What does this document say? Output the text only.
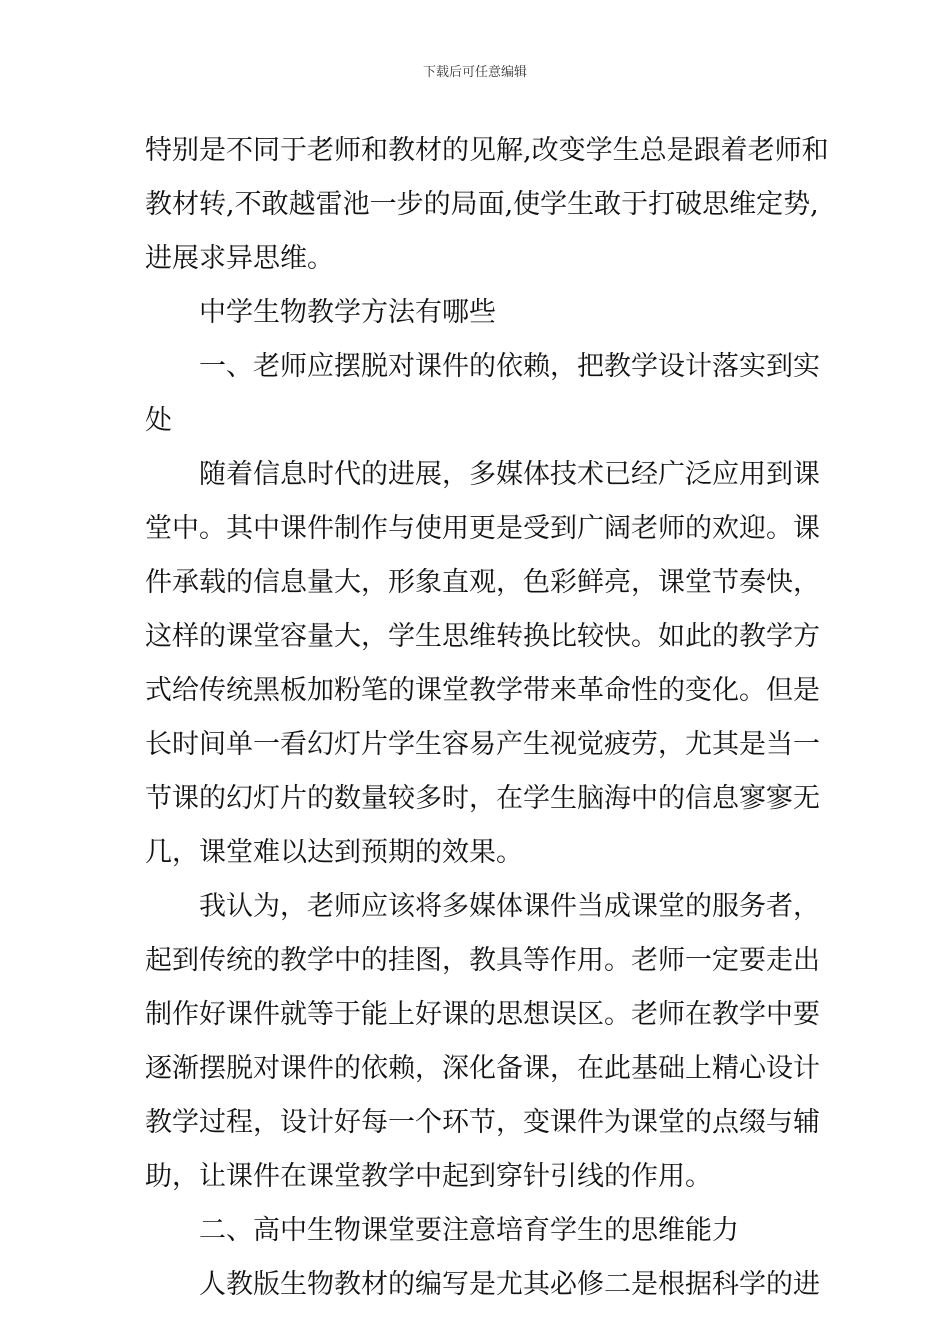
下载后可任意编辑
特别是不同于老师和教材的见解,改变学生总是跟着老师和
教材转,不敢越雷池一步的局面,使学生敢于打破思维定势,
进展求异思维。
中学生物教学方法有哪些
一、老师应摆脱对课件的依赖，把教学设计落实到实
处
随着信息时代的进展，多媒体技术已经广泛应用到课
堂中。其中课件制作与使用更是受到广阔老师的欢迎。课
件承载的信息量大，形象直观，色彩鲜亮，课堂节奏快，
这样的课堂容量大，学生思维转换比较快。如此的教学方
式给传统黑板加粉笔的课堂教学带来革命性的变化。但是
长时间单一看幻灯片学生容易产生视觉疲劳，尤其是当一
节课的幻灯片的数量较多时，在学生脑海中的信息寥寥无
几，课堂难以达到预期的效果。
我认为，老师应该将多媒体课件当成课堂的服务者，
起到传统的教学中的挂图，教具等作用。老师一定要走出
制作好课件就等于能上好课的思想误区。老师在教学中要
逐渐摆脱对课件的依赖，深化备课，在此基础上精心设计
教学过程，设计好每一个环节，变课件为课堂的点缀与辅
助，让课件在课堂教学中起到穿针引线的作用。
二、高中生物课堂要注意培育学生的思维能力
人教版生物教材的编写是尤其必修二是根据科学的进
